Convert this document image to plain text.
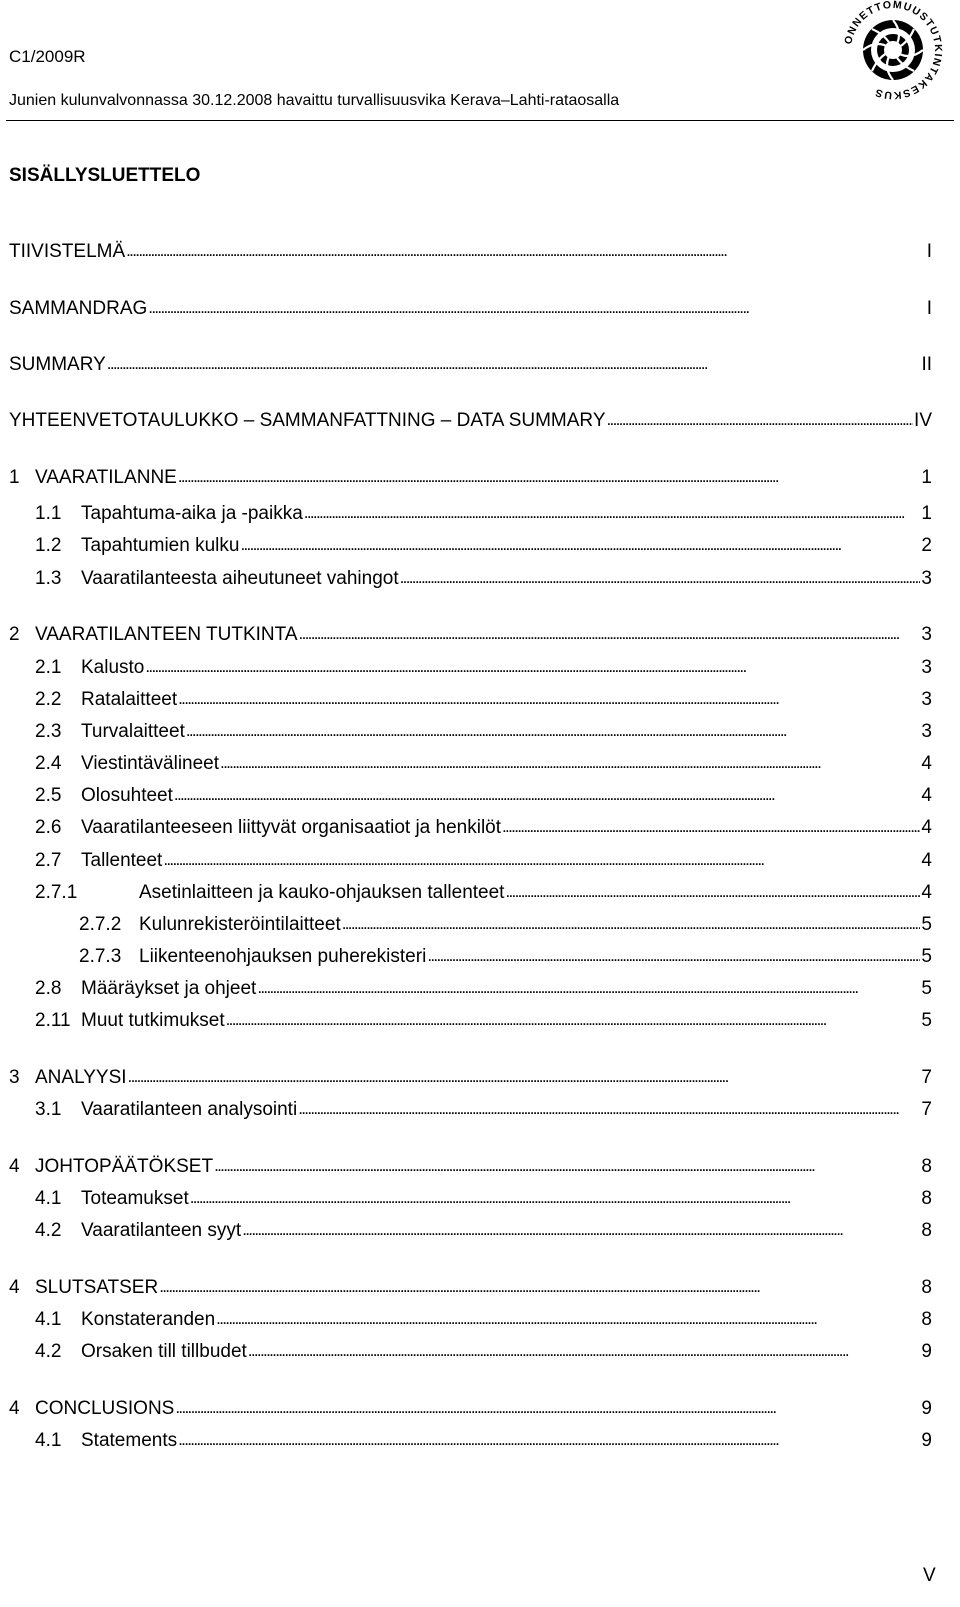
C1/2009R
Junien kulunvalvonnassa 30.12.2008 havaittu turvallisuusvika Kerava–Lahti-rataosalla
ONNETTOMUUSTUTKINTAKESKUS
SISÄLLYSLUETTELO
TIIVISTELMÄ . . .	I
SAMMANDRAG . . .	I
SUMMARY . . .	II
YHTEENVETOTAULUKKO – SAMMANFATTNING – DATA SUMMARY . . .	IV
1 VAARATILANNE . . .	1
1.1	Tapahtuma-aika ja -paikka . . .	1
1.2	Tapahtumien kulku . . .	2
1.3	Vaaratilanteesta aiheutuneet vahingot . . .	3
2 VAARATILANTEEN TUTKINTA . . .	3
2.1	Kalusto . . .	3
2.2	Ratalaitteet . . .	3
2.3	Turvalaitteet . . .	3
2.4	Viestintävälineet . . .	4
2.5	Olosuhteet . . .	4
2.6	Vaaratilanteeseen liittyvät organisaatiot ja henkilöt . . .	4
2.7	Tallenteet . . .	4
2.7.1	Asetinlaitteen ja kauko-ohjauksen tallenteet . . .	4
2.7.2 Kulunrekisteröintilaitteet . . .	5
2.7.3 Liikenteenohjauksen puherekisteri . . .	5
2.8	Määräykset ja ohjeet . . .	5
2.11 Muut tutkimukset . . .	5
3 ANALYYSI . . .	7
3.1	Vaaratilanteen analysointi . . .	7
4 JOHTOPÄÄTÖKSET . . .	8
4.1	Toteamukset . . .	8
4.2	Vaaratilanteen syyt . . .	8
4 SLUTSATSER . . .	8
4.1	Konstateranden . . .	8
4.2	Orsaken till tillbudet . . .	9
4 CONCLUSIONS . . .	9
4.1	Statements . . .	9
V
